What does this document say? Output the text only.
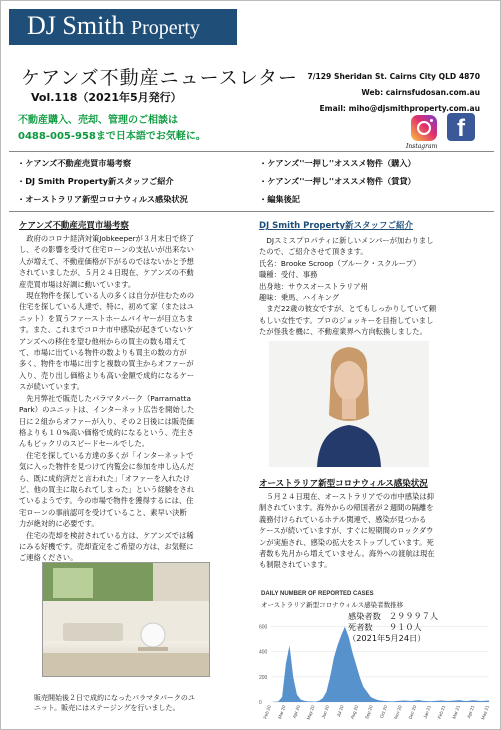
DJ Smith Property
ケアンズ不動産ニュースレター
Vol.118（2021年5月発行）
不動産購入、売却、管理のご相談は
0488-005-958まで日本語でお気軽に。
7/129 Sheridan St. Cairns City QLD 4870
Web: cairnsfudosan.com.au
Email: miho@djsmithproperty.com.au
Instagram
f
・ケアンズ不動産売買市場考察
・DJ Smith Property新スタッフご紹介
・オーストラリア新型コロナウィルス感染状況
・ケアンズ''一押し''オススメ物件（購入）
・ケアンズ''一押し''オススメ物件（賃貸）
・編集後記
ケアンズ不動産売買市場考察
　政府のコロナ経済対策Jobkeeperが３月末日で終了
し、その影響を受けて住宅ローンの支払いが出来ない
人が増えて、不動産価格が下がるのではないかと予想
されていましたが、５月２４日現在、ケアンズの不動
産売買市場は好調に動いています。
　現在物件を探している人の多くは自分が住むための
住宅を探している人達で、特に、初めて家（またはユ
ニット）を買うファーストホームバイヤーが目立ちま
す。また、これまでコロナ市中感染が起きていないケ
アンズへの移住を望む他州からの買主の数も増えて
て、市場に出ている物件の数よりも買主の数の方が
多く、物件を市場に出すと複数の買主からオファーが
入り、売り出し価格よりも高い金額で成約になるケー
スが続いています。
　先月弊社で販売したパラマタパーク（Parramatta
Park）のユニットは、インターネット広告を開始した
日に２組からオファーが入り、その２日後には販売価
格よりも１０%高い価格で成約になるという、売主さ
んもビックリのスピードセールでした。
　住宅を探している方達の多くが「インターネットで
気に入った物件を見つけて内覧会に参加を申し込んだ
ら、既に成約済だと言われた」「オファーを入れたけ
ど、他の買主に取られてしまった」という経験をされ
ているようです。今の市場で物件を獲得するには、住
宅ローンの事前認可を受けていること、素早い決断
力が絶対的に必要です。
　住宅の売却を検討されている方は、ケアンズでは稀
にみる好機です。売却査定をご希望の方は、お気軽に
ご連絡ください。
販売開始後２日で成約になったパラマタパークのユ
ニット。販売にはステージングを行いました。
DJ Smith Property新スタッフご紹介
　DJスミスプロパティに新しいメンバーが加わりまし
たので、ご紹介させて頂きます。
氏名：Brooke Scroop（ブルーク・スクループ）
職種：受付、事務
出身地：サウスオーストラリア州
趣味：乗馬、ハイキング
　まだ22歳の彼女ですが、とてもしっかりしていて頼
もしい女性です。プロのジョッキーを目指していまし
たが怪我を機に、不動産業界へ方向転換しました。
オーストラリア新型コロナウィルス感染状況
　５月２４日現在、オーストラリアでの市中感染は抑
制されています。海外からの帰国者が２週間の隔離を
義務付けられているホテル関連で、感染が見つかる
ケースが続いていますが、すぐに短期間のロックダウ
ンが実施され、感染の拡大をストップしています。死
者数も先月から増えていません。海外への渡航は現在
も制限されています。
DAILY NUMBER OF REPORTED CASES
オーストラリア新型コロナウィルス感染者数推移
600
400
200
0
Feb 20 Mar 20 Apr 20 May 20 Jun 20 Jul 20 Aug 20 Sep 20 Oct 20 Nov 20 Dec 20 Jan 21 Feb 21 Mar 21 Apr 21 May 21
感染者数　２９９９７人
死者数　　９１０人
（2021年5月24日）
